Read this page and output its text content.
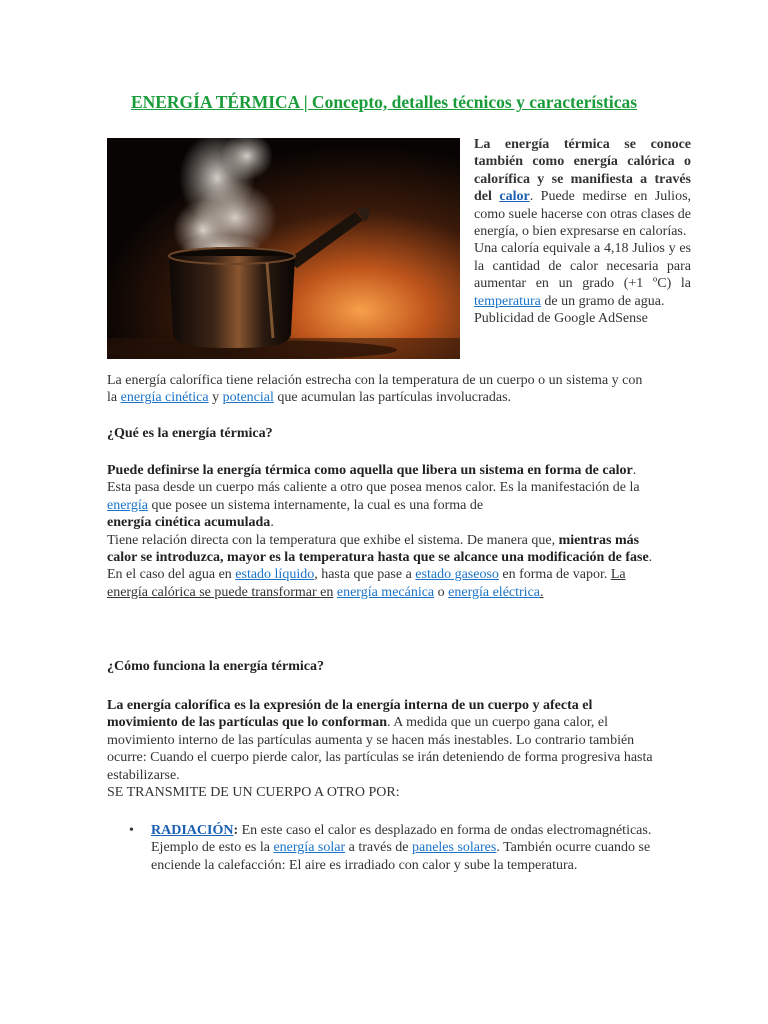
ENERGÍA TÉRMICA | Concepto, detalles técnicos y características

La energía térmica se conoce también como energía calórica o calorífica y se manifiesta a través del calor. Puede medirse en Julios, como suele hacerse con otras clases de energía, o bien expresarse en calorías.
Una caloría equivale a 4,18 Julios y es la cantidad de calor necesaria para aumentar en un grado (+1 ºC) la temperatura de un gramo de agua.
Publicidad de Google AdSense

La energía calorífica tiene relación estrecha con la temperatura de un cuerpo o un sistema y con la energía cinética y potencial que acumulan las partículas involucradas.

¿Qué es la energía térmica?

Puede definirse la energía térmica como aquella que libera un sistema en forma de calor. Esta pasa desde un cuerpo más caliente a otro que posea menos calor. Es la manifestación de la energía que posee un sistema internamente, la cual es una forma de
energía cinética acumulada.
Tiene relación directa con la temperatura que exhibe el sistema. De manera que, mientras más calor se introduzca, mayor es la temperatura hasta que se alcance una modificación de fase. En el caso del agua en estado líquido, hasta que pase a estado gaseoso en forma de vapor. La energía calórica se puede transformar en energía mecánica o energía eléctrica.

¿Cómo funciona la energía térmica?

La energía calorífica es la expresión de la energía interna de un cuerpo y afecta el movimiento de las partículas que lo conforman. A medida que un cuerpo gana calor, el movimiento interno de las partículas aumenta y se hacen más inestables. Lo contrario también ocurre: Cuando el cuerpo pierde calor, las partículas se irán deteniendo de forma progresiva hasta estabilizarse.
SE TRANSMITE DE UN CUERPO A OTRO POR:

• RADIACIÓN: En este caso el calor es desplazado en forma de ondas electromagnéticas. Ejemplo de esto es la energía solar a través de paneles solares. También ocurre cuando se enciende la calefacción: El aire es irradiado con calor y sube la temperatura.
